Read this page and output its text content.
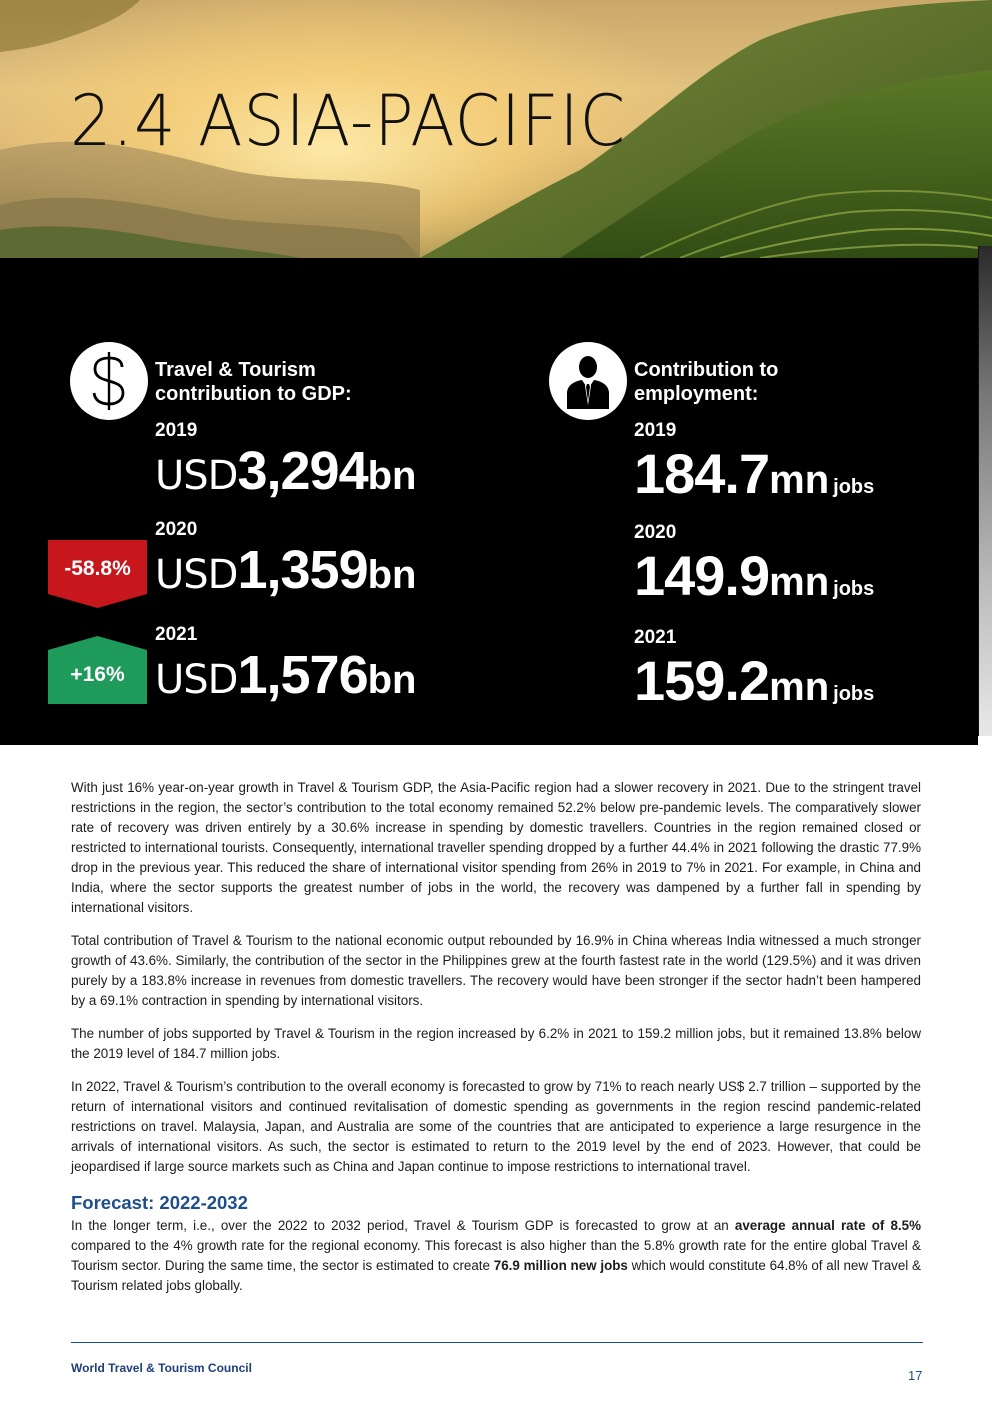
2.4 ASIA-PACIFIC
Travel & Tourism
contribution to GDP:
2019
USD3,294bn
2020
USD1,359bn
-58.8%
2021
USD1,576bn
+16%
Contribution to
employment:
2019
184.7mn jobs
2020
149.9mn jobs
2021
159.2mn jobs

With just 16% year-on-year growth in Travel & Tourism GDP, the Asia-Pacific region had a slower recovery in 2021. Due to the stringent travel restrictions in the region, the sector’s contribution to the total economy remained 52.2% below pre-pandemic levels. The comparatively slower rate of recovery was driven entirely by a 30.6% increase in spending by domestic travellers. Countries in the region remained closed or restricted to international tourists. Consequently, international traveller spending dropped by a further 44.4% in 2021 following the drastic 77.9% drop in the previous year. This reduced the share of international visitor spending from 26% in 2019 to 7% in 2021. For example, in China and India, where the sector supports the greatest number of jobs in the world, the recovery was dampened by a further fall in spending by international visitors.

Total contribution of Travel & Tourism to the national economic output rebounded by 16.9% in China whereas India witnessed a much stronger growth of 43.6%. Similarly, the contribution of the sector in the Philippines grew at the fourth fastest rate in the world (129.5%) and it was driven purely by a 183.8% increase in revenues from domestic travellers. The recovery would have been stronger if the sector hadn’t been hampered by a 69.1% contraction in spending by international visitors.

The number of jobs supported by Travel & Tourism in the region increased by 6.2% in 2021 to 159.2 million jobs, but it remained 13.8% below the 2019 level of 184.7 million jobs.

In 2022, Travel & Tourism’s contribution to the overall economy is forecasted to grow by 71% to reach nearly US$ 2.7 trillion – supported by the return of international visitors and continued revitalisation of domestic spending as governments in the region rescind pandemic-related restrictions on travel. Malaysia, Japan, and Australia are some of the countries that are anticipated to experience a large resurgence in the arrivals of international visitors. As such, the sector is estimated to return to the 2019 level by the end of 2023. However, that could be jeopardised if large source markets such as China and Japan continue to impose restrictions to international travel.

Forecast: 2022-2032

In the longer term, i.e., over the 2022 to 2032 period, Travel & Tourism GDP is forecasted to grow at an average annual rate of 8.5% compared to the 4% growth rate for the regional economy. This forecast is also higher than the 5.8% growth rate for the entire global Travel & Tourism sector. During the same time, the sector is estimated to create 76.9 million new jobs which would constitute 64.8% of all new Travel & Tourism related jobs globally.

World Travel & Tourism Council	17
